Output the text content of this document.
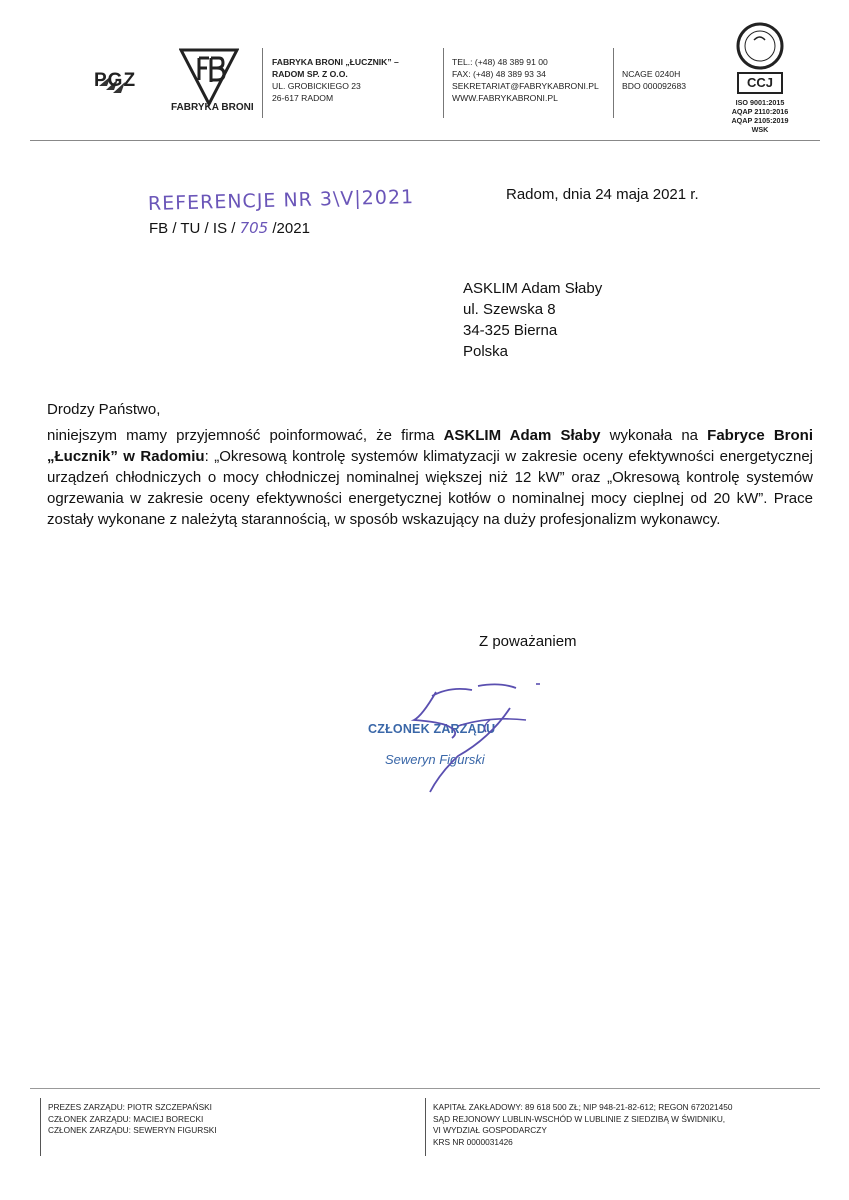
PGZ
FABRYKA BRONI
FABRYKA BRONI „ŁUCZNIK” –
RADOM SP. Z O.O.
UL. GROBICKIEGO 23
26-617 RADOM
TEL.: (+48) 48 389 91 00
FAX: (+48) 48 389 93 34
SEKRETARIAT@FABRYKABRONI.PL
WWW.FABRYKABRONI.PL
NCAGE 0240H
BDO 000092683	CCJ
ISO 9001:2015
AQAP 2110:2016
AQAP 2105:2019
WSK
REFERENCJE NR 3\V|2021
FB / TU / IS / 705 /2021
Radom, dnia 24 maja 2021 r.
ASKLIM Adam Słaby
ul. Szewska 8
34-325 Bierna
Polska
Drodzy Państwo,
niniejszym mamy przyjemność poinformować, że firma ASKLIM Adam Słaby wykonała na Fabryce Broni „Łucznik” w Radomiu: „Okresową kontrolę systemów klimatyzacji w zakresie oceny efektywności energetycznej urządzeń chłodniczych o mocy chłodniczej nominalnej większej niż 12 kW” oraz „Okresową kontrolę systemów ogrzewania w zakresie oceny efektywności energetycznej kotłów o nominalnej mocy cieplnej od 20 kW”. Prace zostały wykonane z należytą starannością, w sposób wskazujący na duży profesjonalizm wykonawcy.
Z poważaniem
CZŁONEK ZARZĄDU
Seweryn Figurski
PREZES ZARZĄDU: PIOTR SZCZEPAŃSKI
CZŁONEK ZARZĄDU: MACIEJ BORECKI
CZŁONEK ZARZĄDU: SEWERYN FIGURSKI
KAPITAŁ ZAKŁADOWY: 89 618 500 ZŁ; NIP 948-21-82-612; REGON 672021450
SĄD REJONOWY LUBLIN-WSCHÓD W LUBLINIE Z SIEDZIBĄ W ŚWIDNIKU,
VI WYDZIAŁ GOSPODARCZY
KRS NR 0000031426
